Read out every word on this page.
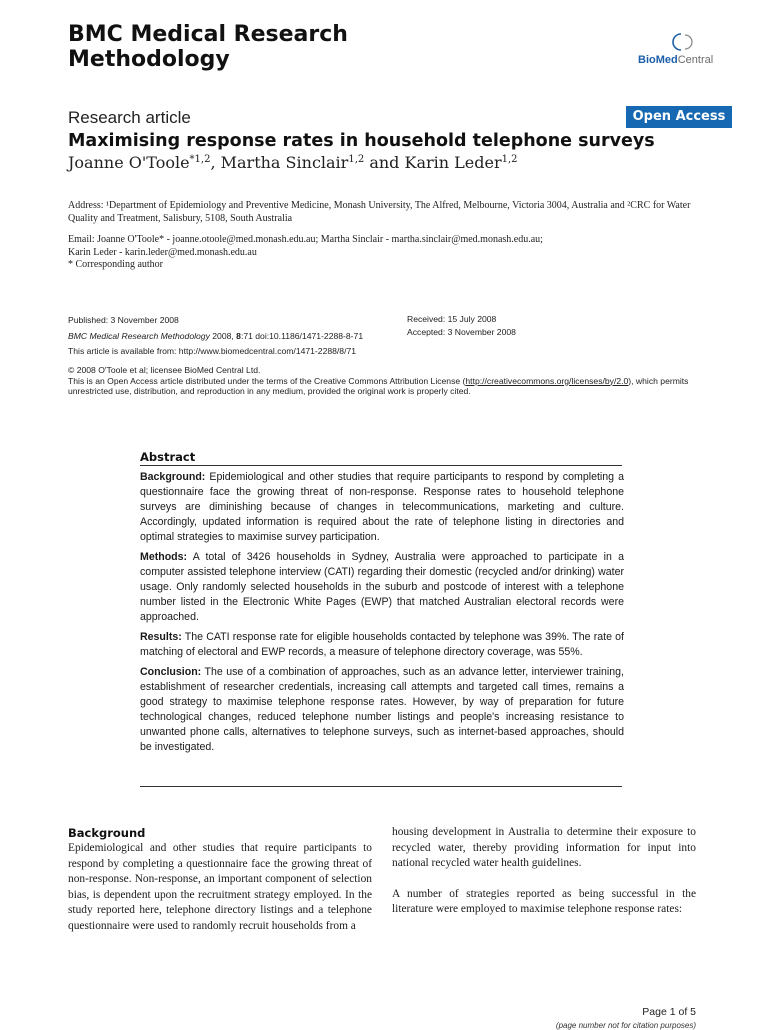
BMC Medical Research
Methodology	BioMedCentral
Research article	Open Access
Maximising response rates in household telephone surveys
Joanne O'Toole$^{*1,2}$, Martha Sinclair$^{1,2}$ and Karin Leder$^{1,2}$
Address: ¹Department of Epidemiology and Preventive Medicine, Monash University, The Alfred, Melbourne, Victoria 3004, Australia and ²CRC for Water Quality and Treatment, Salisbury, 5108, South Australia
Email: Joanne O'Toole* - joanne.otoole@med.monash.edu.au; Martha Sinclair - martha.sinclair@med.monash.edu.au;
Karin Leder - karin.leder@med.monash.edu.au
* Corresponding author
Published: 3 November 2008
BMC Medical Research Methodology 2008, 8:71 doi:10.1186/1471-2288-8-71
This article is available from: http://www.biomedcentral.com/1471-2288/8/71
Received: 15 July 2008
Accepted: 3 November 2008
© 2008 O'Toole et al; licensee BioMed Central Ltd.
This is an Open Access article distributed under the terms of the Creative Commons Attribution License (http://creativecommons.org/licenses/by/2.0), which permits unrestricted use, distribution, and reproduction in any medium, provided the original work is properly cited.
Abstract

Background: Epidemiological and other studies that require participants to respond by completing a questionnaire face the growing threat of non-response. Response rates to household telephone surveys are diminishing because of changes in telecommunications, marketing and culture. Accordingly, updated information is required about the rate of telephone listing in directories and optimal strategies to maximise survey participation.

Methods: A total of 3426 households in Sydney, Australia were approached to participate in a computer assisted telephone interview (CATI) regarding their domestic (recycled and/or drinking) water usage. Only randomly selected households in the suburb and postcode of interest with a telephone number listed in the Electronic White Pages (EWP) that matched Australian electoral records were approached.

Results: The CATI response rate for eligible households contacted by telephone was 39%. The rate of matching of electoral and EWP records, a measure of telephone directory coverage, was 55%.

Conclusion: The use of a combination of approaches, such as an advance letter, interviewer training, establishment of researcher credentials, increasing call attempts and targeted call times, remains a good strategy to maximise telephone response rates. However, by way of preparation for future technological changes, reduced telephone number listings and people's increasing resistance to unwanted phone calls, alternatives to telephone surveys, such as internet-based approaches, should be investigated.

Background

Epidemiological and other studies that require participants to respond by completing a questionnaire face the growing threat of non-response. Non-response, an important component of selection bias, is dependent upon the recruitment strategy employed. In the study reported here, telephone directory listings and a telephone questionnaire were used to randomly recruit households from a

housing development in Australia to determine their exposure to recycled water, thereby providing information for input into national recycled water health guidelines.

A number of strategies reported as being successful in the literature were employed to maximise telephone response rates:

Page 1 of 5
(page number not for citation purposes)
